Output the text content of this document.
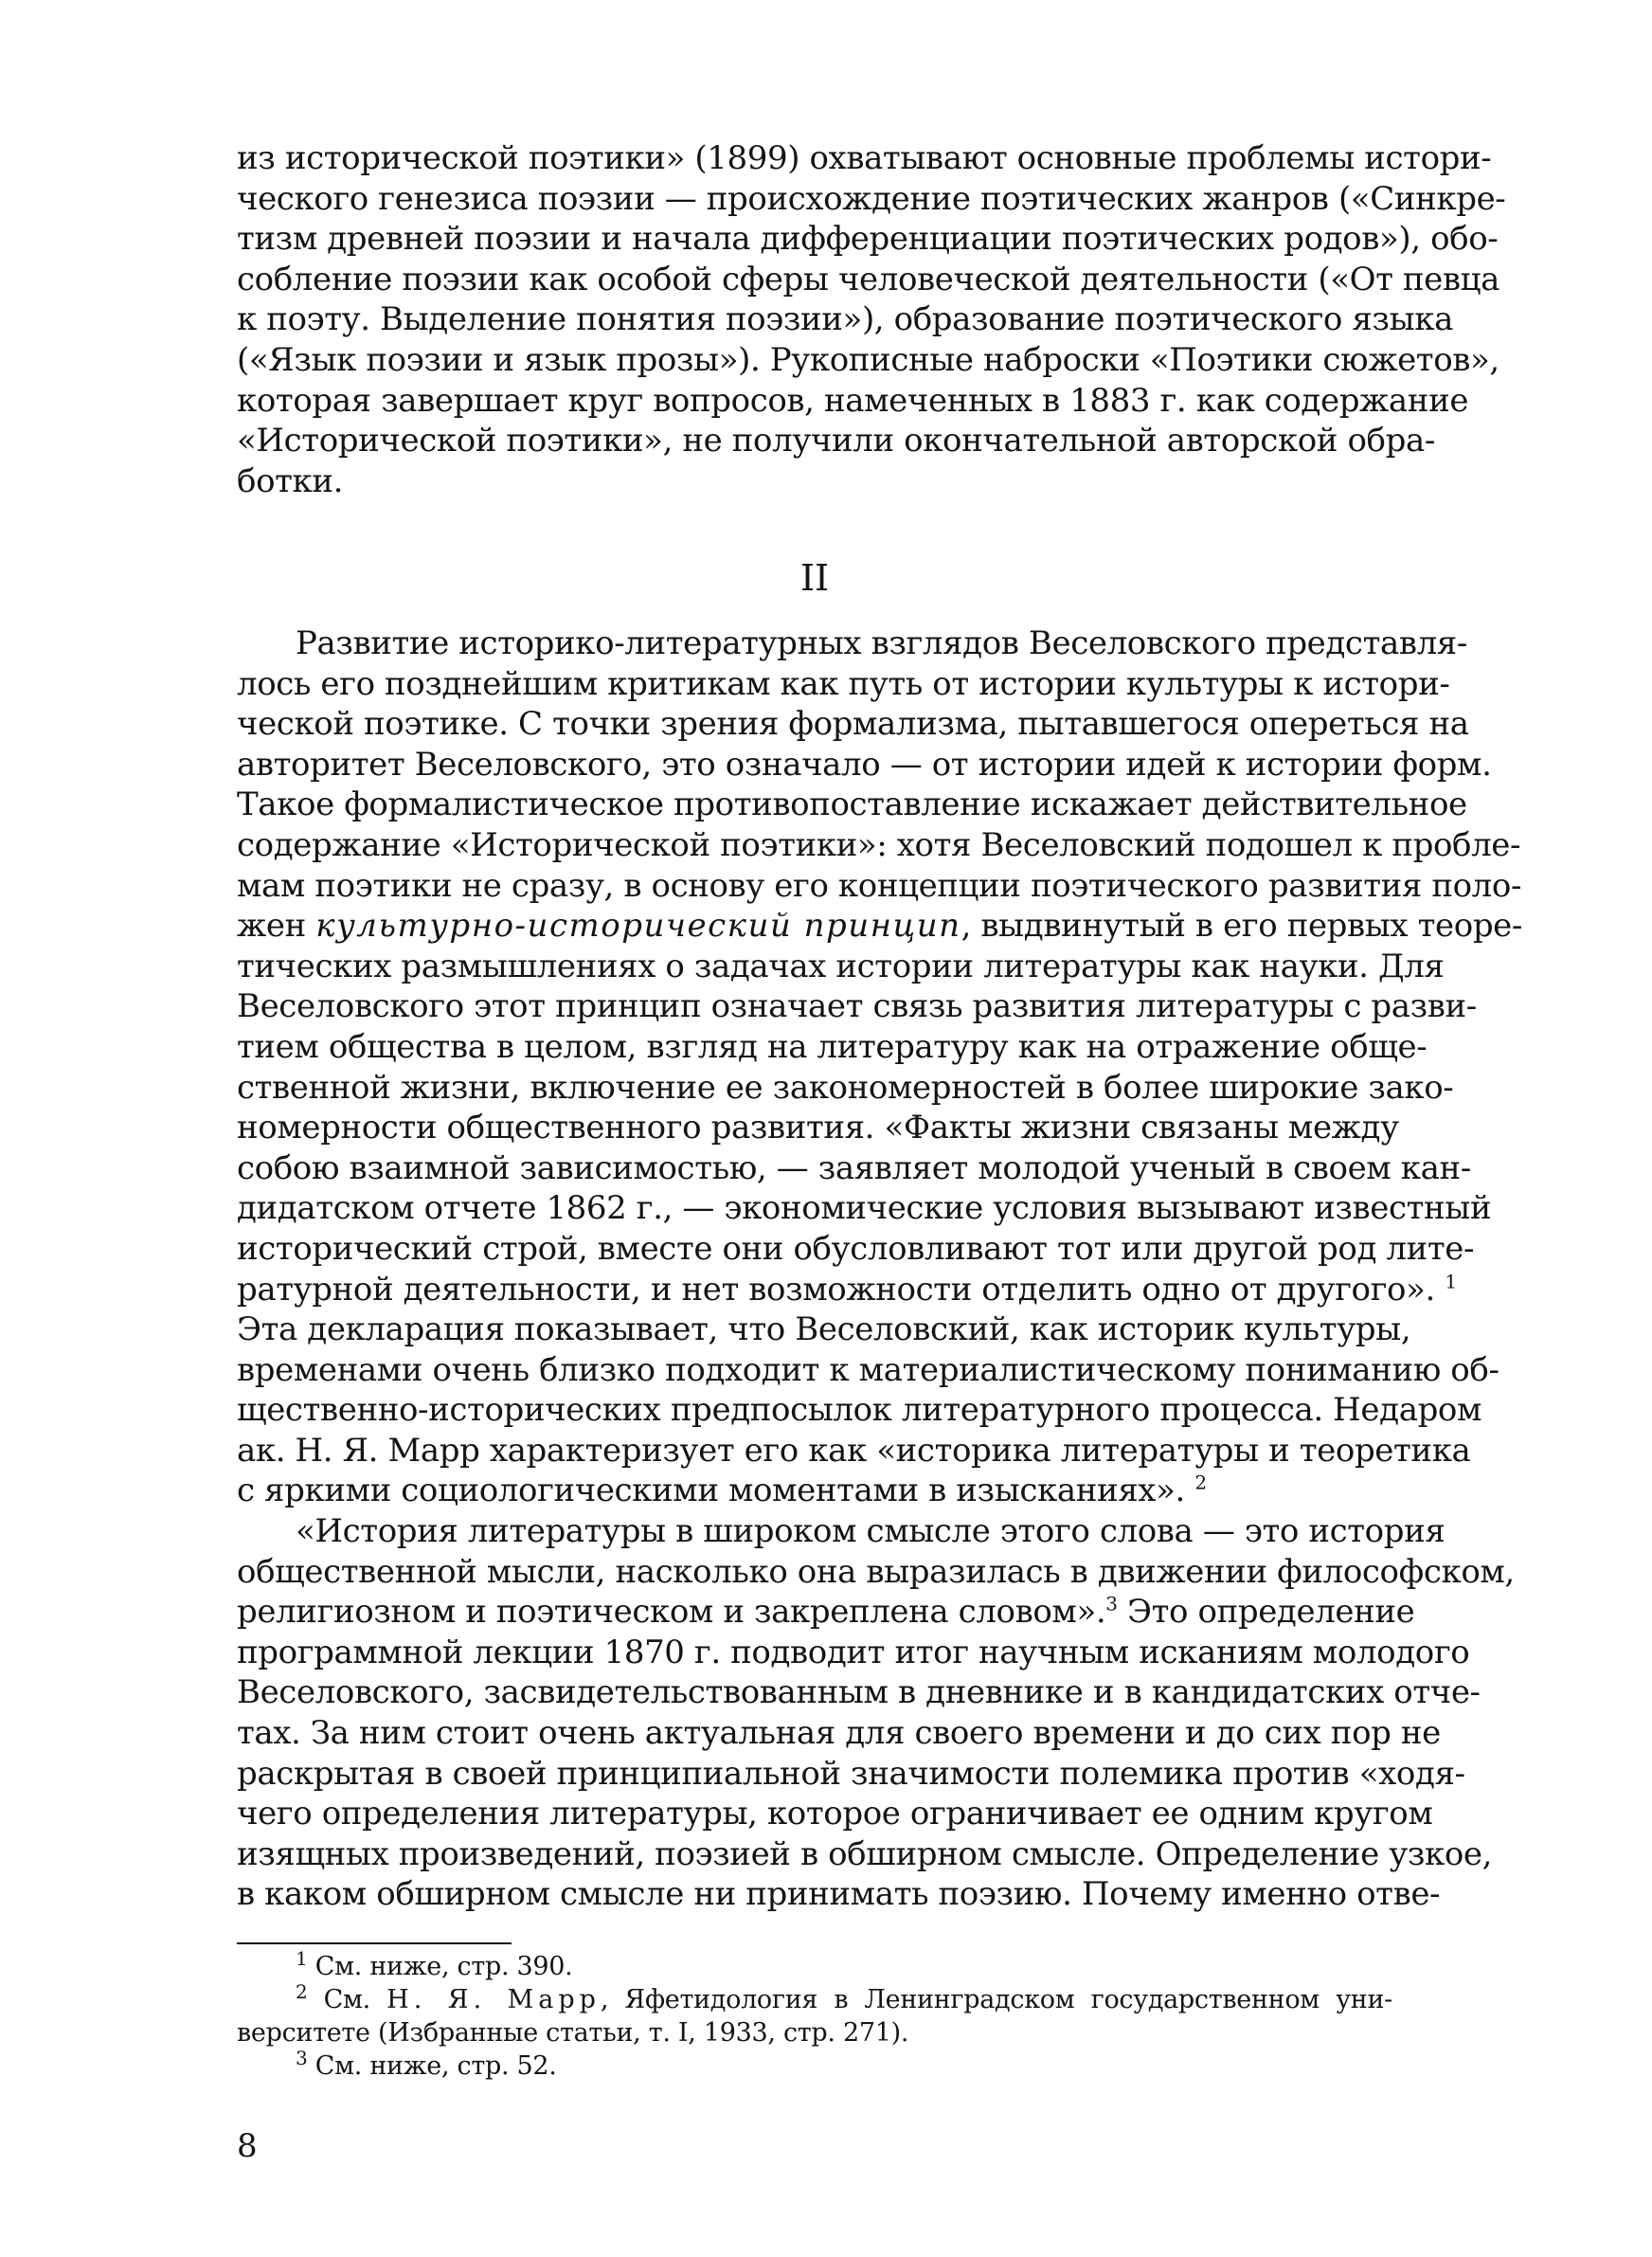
из исторической поэтики» (1899) охватывают основные проблемы истори-
ческого генезиса поэзии — происхождение поэтических жанров («Синкре-
тизм древней поэзии и начала дифференциации поэтических родов»), обо-
собление поэзии как особой сферы человеческой деятельности («От певца
к поэту. Выделение понятия поэзии»), образование поэтического языка
(«Язык поэзии и язык прозы»). Рукописные наброски «Поэтики сюжетов»,
которая завершает круг вопросов, намеченных в 1883 г. как содержание
«Исторической поэтики», не получили окончательной авторской обра-
ботки.
II
Развитие историко-литературных взглядов Веселовского представля-
лось его позднейшим критикам как путь от истории культуры к истори-
ческой поэтике. С точки зрения формализма, пытавшегося опереться на
авторитет Веселовского, это означало — от истории идей к истории форм.
Такое формалистическое противопоставление искажает действительное
содержание «Исторической поэтики»: хотя Веселовский подошел к пробле-
мам поэтики не сразу, в основу его концепции поэтического развития поло-
жен культурно-исторический принцип, выдвинутый в его первых теоре-
тических размышлениях о задачах истории литературы как науки. Для
Веселовского этот принцип означает связь развития литературы с разви-
тием общества в целом, взгляд на литературу как на отражение обще-
ственной жизни, включение ее закономерностей в более широкие зако-
номерности общественного развития. «Факты жизни связаны между
собою взаимной зависимостью, — заявляет молодой ученый в своем кан-
дидатском отчете 1862 г., — экономические условия вызывают известный
исторический строй, вместе они обусловливают тот или другой род лите-
ратурной деятельности, и нет возможности отделить одно от другого». $^1$
Эта декларация показывает, что Веселовский, как историк культуры,
временами очень близко подходит к материалистическому пониманию об-
щественно-исторических предпосылок литературного процесса. Недаром
ак. Н. Я. Марр характеризует его как «историка литературы и теоретика
с яркими социологическими моментами в изысканиях». $^2$
«История литературы в широком смысле этого слова — это история
общественной мысли, насколько она выразилась в движении философском,
религиозном и поэтическом и закреплена словом».$^3$ Это определение
программной лекции 1870 г. подводит итог научным исканиям молодого
Веселовского, засвидетельствованным в дневнике и в кандидатских отче-
тах. За ним стоит очень актуальная для своего времени и до сих пор не
раскрытая в своей принципиальной значимости полемика против «ходя-
чего определения литературы, которое ограничивает ее одним кругом
изящных произведений, поэзией в обширном смысле. Определение узкое,
в каком обширном смысле ни принимать поэзию. Почему именно отве-
$^1$ См. ниже, стр. 390.
$^2$ См. Н. Я. Марр, Яфетидология в Ленинградском государственном уни-
верситете (Избранные статьи, т. I, 1933, стр. 271).
$^3$ См. ниже, стр. 52.
8
